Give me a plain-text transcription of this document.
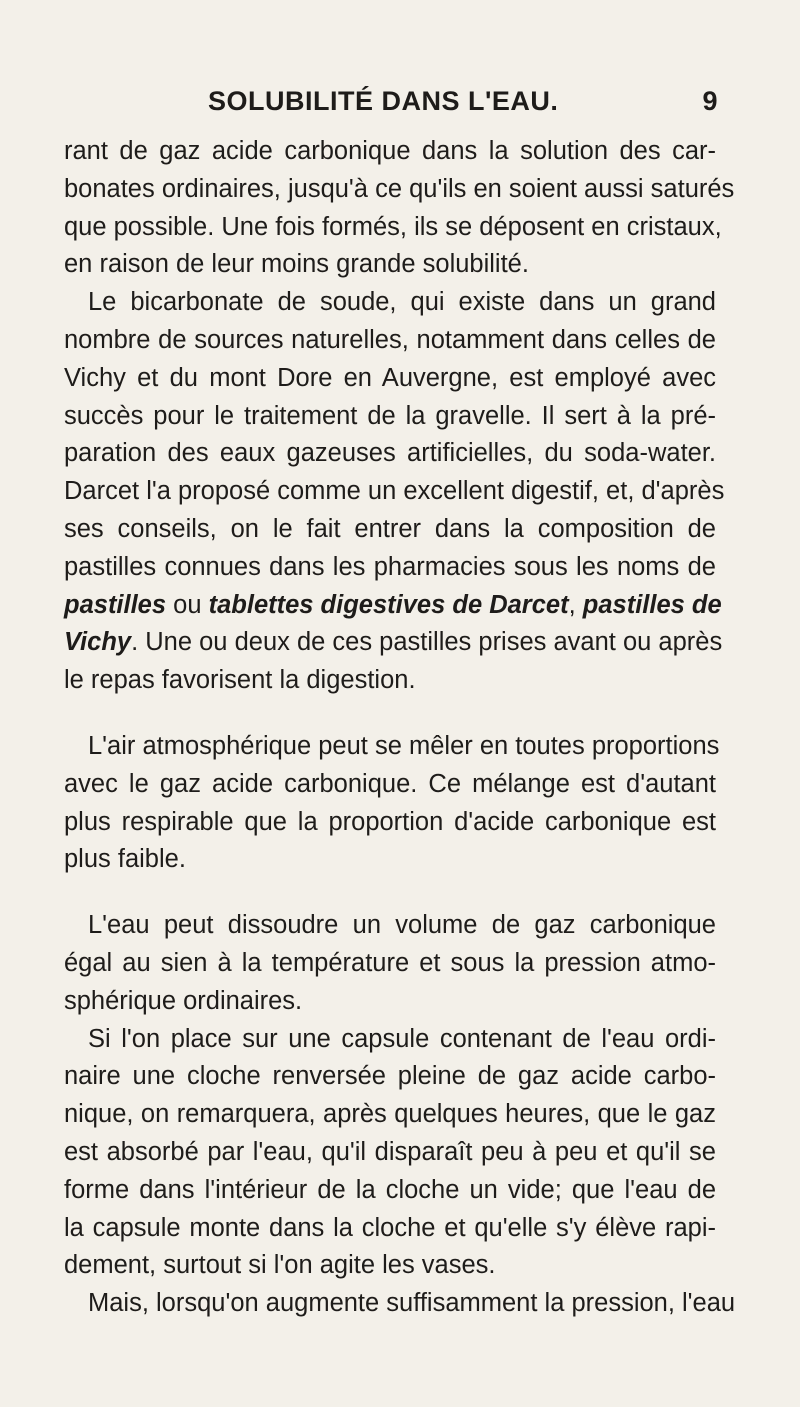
SOLUBILITÉ DANS L'EAU.	9
rant de gaz acide carbonique dans la solution des car-
bonates ordinaires, jusqu'à ce qu'ils en soient aussi saturés
que possible. Une fois formés, ils se déposent en cristaux,
en raison de leur moins grande solubilité.
Le bicarbonate de soude, qui existe dans un grand
nombre de sources naturelles, notamment dans celles de
Vichy et du mont Dore en Auvergne, est employé avec
succès pour le traitement de la gravelle. Il sert à la pré-
paration des eaux gazeuses artificielles, du soda-water.
Darcet l'a proposé comme un excellent digestif, et, d'après
ses conseils, on le fait entrer dans la composition de
pastilles connues dans les pharmacies sous les noms de
pastilles ou tablettes digestives de Darcet, pastilles de
Vichy. Une ou deux de ces pastilles prises avant ou après
le repas favorisent la digestion.
L'air atmosphérique peut se mêler en toutes proportions
avec le gaz acide carbonique. Ce mélange est d'autant
plus respirable que la proportion d'acide carbonique est
plus faible.
L'eau peut dissoudre un volume de gaz carbonique
égal au sien à la température et sous la pression atmo-
sphérique ordinaires.
Si l'on place sur une capsule contenant de l'eau ordi-
naire une cloche renversée pleine de gaz acide carbo-
nique, on remarquera, après quelques heures, que le gaz
est absorbé par l'eau, qu'il disparaît peu à peu et qu'il se
forme dans l'intérieur de la cloche un vide; que l'eau de
la capsule monte dans la cloche et qu'elle s'y élève rapi-
dement, surtout si l'on agite les vases.
Mais, lorsqu'on augmente suffisamment la pression, l'eau
